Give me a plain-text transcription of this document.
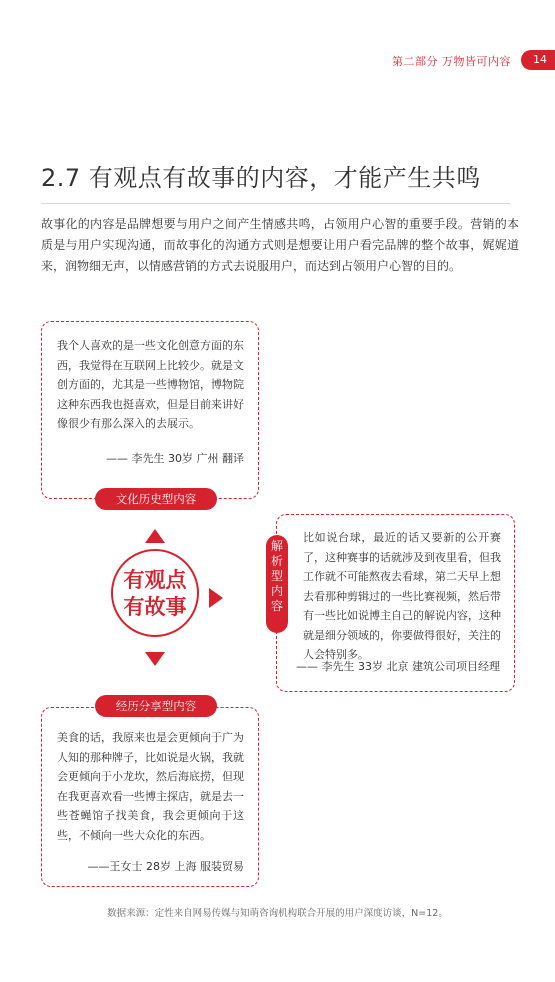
第二部分 万物皆可内容	14
2.7 有观点有故事的内容，才能产生共鸣
故事化的内容是品牌想要与用户之间产生情感共鸣，占领用户心智的重要手段。营销的本质是与用户实现沟通，而故事化的沟通方式则是想要让用户看完品牌的整个故事，娓娓道来，润物细无声，以情感营销的方式去说服用户，而达到占领用户心智的目的。
我个人喜欢的是一些文化创意方面的东西，我觉得在互联网上比较少。就是文创方面的，尤其是一些博物馆，博物院这种东西我也挺喜欢，但是目前来讲好像很少有那么深入的去展示。
—— 李先生 30岁 广州 翻译
文化历史型内容
有观点
有故事
比如说台球，最近的话又要新的公开赛了，这种赛事的话就涉及到夜里看，但我工作就不可能熬夜去看球，第二天早上想去看那种剪辑过的一些比赛视频，然后带有一些比如说博主自己的解说内容，这种就是细分领域的，你要做得很好，关注的人会特别多。
—— 李先生 33岁 北京 建筑公司项目经理
解
析
型
内
容
经历分享型内容
美食的话，我原来也是会更倾向于广为人知的那种牌子，比如说是火锅，我就会更倾向于小龙坎，然后海底捞，但现在我更喜欢看一些博主探店，就是去一些苍蝇馆子找美食，我会更倾向于这些，不倾向一些大众化的东西。
——王女士 28岁 上海 服装贸易
数据来源：定性来自网易传媒与知萌咨询机构联合开展的用户深度访谈，N=12。
